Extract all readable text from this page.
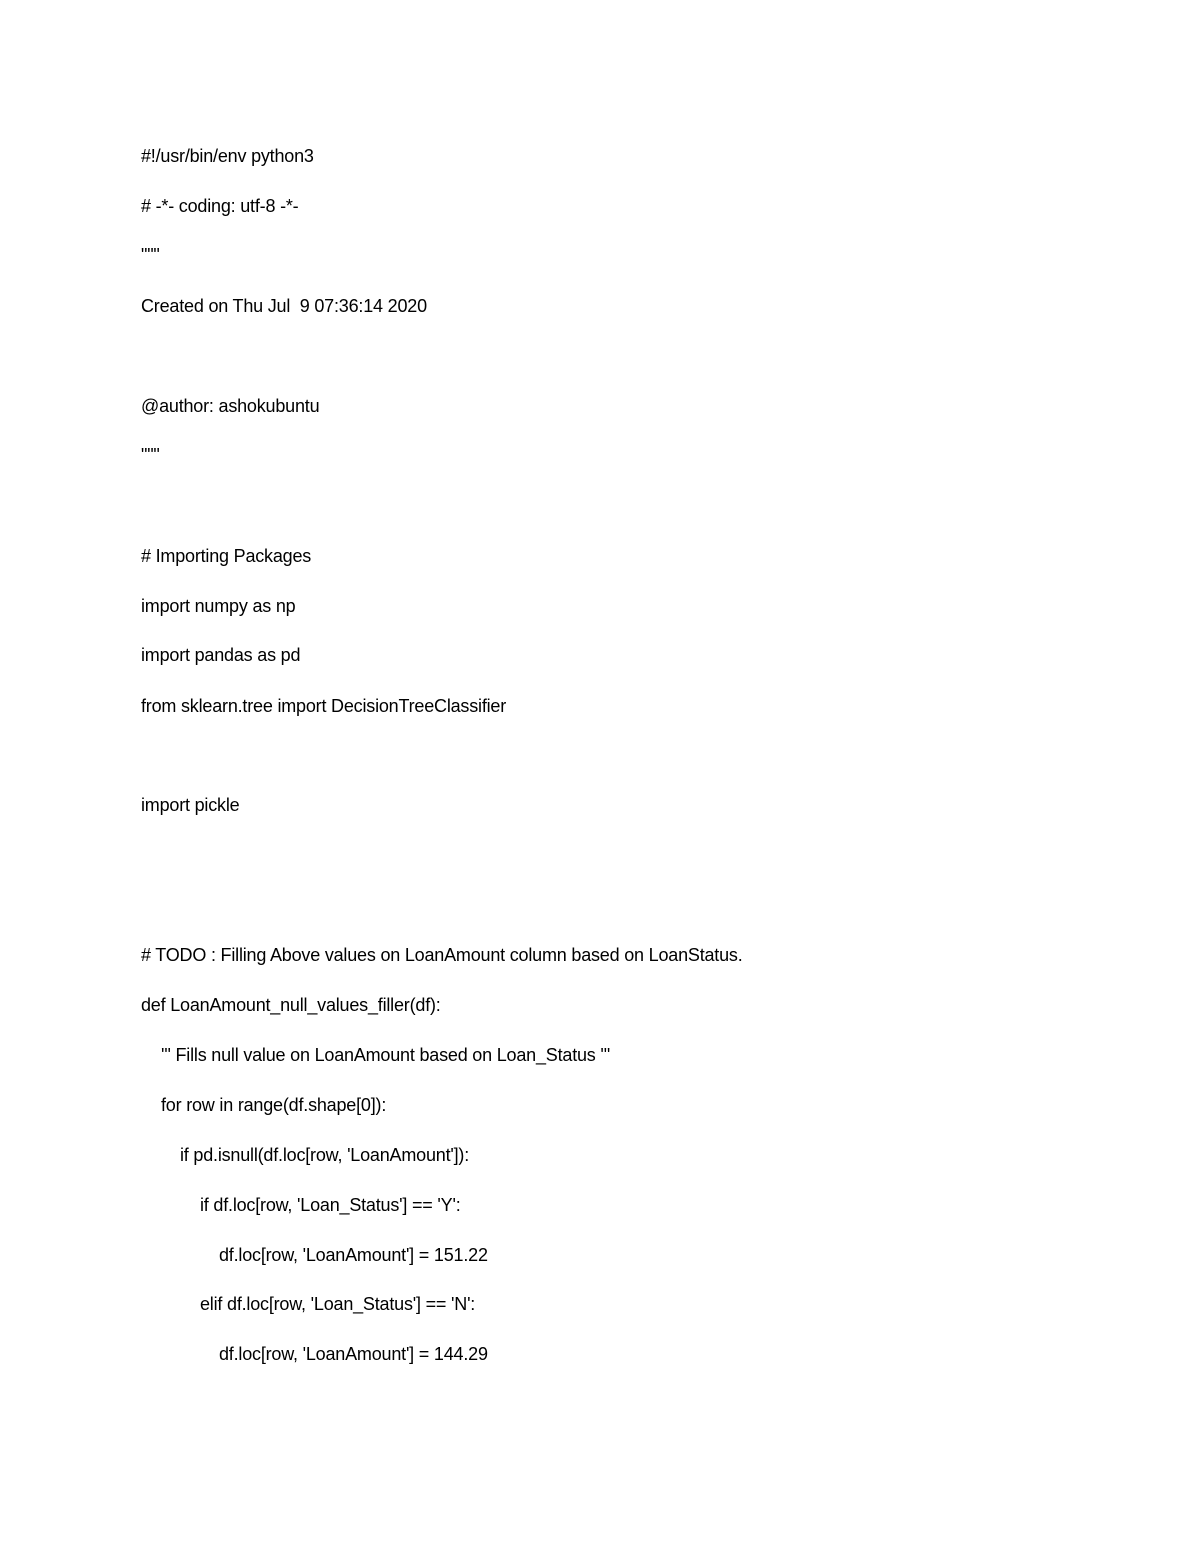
#!/usr/bin/env python3
# -*- coding: utf-8 -*-
"""
Created on Thu Jul  9 07:36:14 2020
@author: ashokubuntu
"""
# Importing Packages
import numpy as np
import pandas as pd
from sklearn.tree import DecisionTreeClassifier
import pickle
# TODO : Filling Above values on LoanAmount column based on LoanStatus.
def LoanAmount_null_values_filler(df):
''' Fills null value on LoanAmount based on Loan_Status '''
for row in range(df.shape[0]):
if pd.isnull(df.loc[row, 'LoanAmount']):
if df.loc[row, 'Loan_Status'] == 'Y':
df.loc[row, 'LoanAmount'] = 151.22
elif df.loc[row, 'Loan_Status'] == 'N':
df.loc[row, 'LoanAmount'] = 144.29
